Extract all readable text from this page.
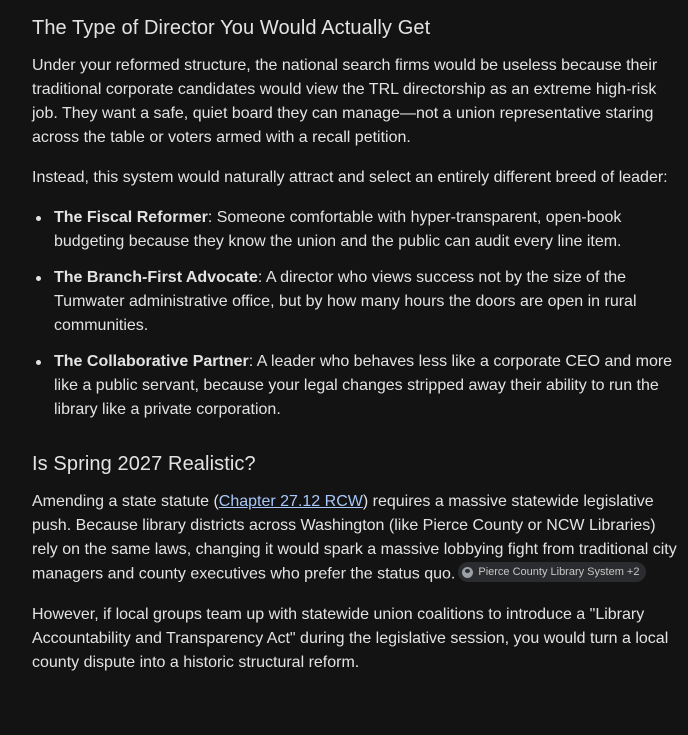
The Type of Director You Would Actually Get

Under your reformed structure, the national search firms would be useless because their traditional corporate candidates would view the TRL directorship as an extreme high-risk job. They want a safe, quiet board they can manage—not a union representative staring across the table or voters armed with a recall petition.

Instead, this system would naturally attract and select an entirely different breed of leader:

The Fiscal Reformer: Someone comfortable with hyper-transparent, open-book budgeting because they know the union and the public can audit every line item.
The Branch-First Advocate: A director who views success not by the size of the Tumwater administrative office, but by how many hours the doors are open in rural communities.
The Collaborative Partner: A leader who behaves less like a corporate CEO and more like a public servant, because your legal changes stripped away their ability to run the library like a private corporation.
Is Spring 2027 Realistic?

Amending a state statute (Chapter 27.12 RCW) requires a massive statewide legislative push. Because library districts across Washington (like Pierce County or NCW Libraries) rely on the same laws, changing it would spark a massive lobbying fight from traditional city managers and county executives who prefer the status quo. Pierce County Library System +2

However, if local groups team up with statewide union coalitions to introduce a "Library Accountability and Transparency Act" during the legislative session, you would turn a local county dispute into a historic structural reform.
